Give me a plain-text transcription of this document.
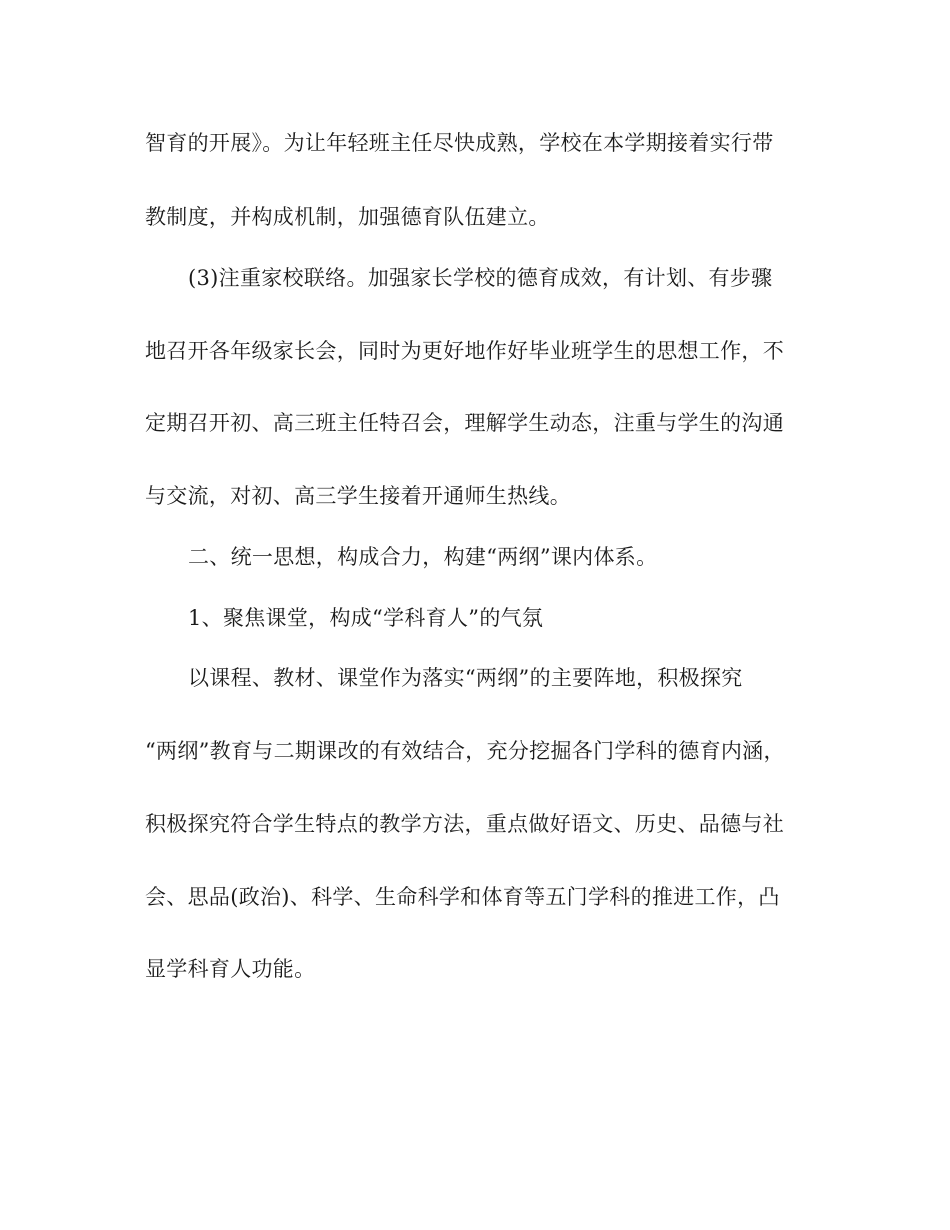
智育的开展》。为让年轻班主任尽快成熟，学校在本学期接着实行带
教制度，并构成机制，加强德育队伍建立。
(3)注重家校联络。加强家长学校的德育成效，有计划、有步骤
地召开各年级家长会，同时为更好地作好毕业班学生的思想工作，不
定期召开初、高三班主任特召会，理解学生动态，注重与学生的沟通
与交流，对初、高三学生接着开通师生热线。
二、统一思想，构成合力，构建“两纲”课内体系。
1、聚焦课堂，构成“学科育人”的气氛
以课程、教材、课堂作为落实“两纲”的主要阵地，积极探究
“两纲”教育与二期课改的有效结合，充分挖掘各门学科的德育内涵，
积极探究符合学生特点的教学方法，重点做好语文、历史、品德与社
会、思品(政治)、科学、生命科学和体育等五门学科的推进工作，凸
显学科育人功能。
